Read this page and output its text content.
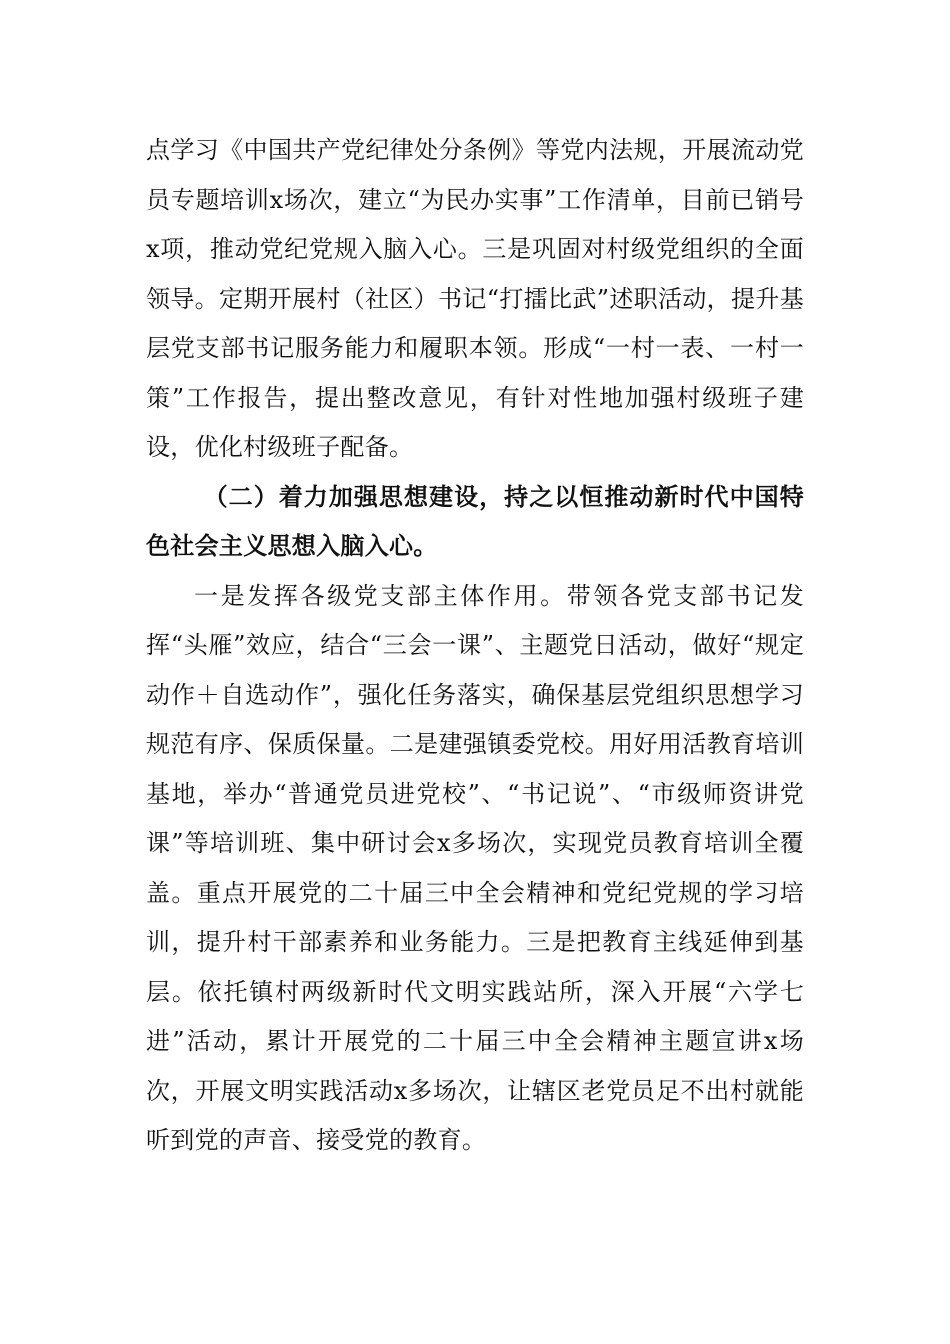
点学习《中国共产党纪律处分条例》等党内法规，开展流动党员专题培训x场次，建立“为民办实事”工作清单，目前已销号x项，推动党纪党规入脑入心。三是巩固对村级党组织的全面领导。定期开展村（社区）书记“打擂比武”述职活动，提升基层党支部书记服务能力和履职本领。形成“一村一表、一村一策”工作报告，提出整改意见，有针对性地加强村级班子建设，优化村级班子配备。

（二）着力加强思想建设，持之以恒推动新时代中国特色社会主义思想入脑入心。

一是发挥各级党支部主体作用。带领各党支部书记发挥“头雁”效应，结合“三会一课”、主题党日活动，做好“规定动作＋自选动作”，强化任务落实，确保基层党组织思想学习规范有序、保质保量。二是建强镇委党校。用好用活教育培训基地，举办“普通党员进党校”、“书记说”、“市级师资讲党课”等培训班、集中研讨会x多场次，实现党员教育培训全覆盖。重点开展党的二十届三中全会精神和党纪党规的学习培训，提升村干部素养和业务能力。三是把教育主线延伸到基层。依托镇村两级新时代文明实践站所，深入开展“六学七进”活动，累计开展党的二十届三中全会精神主题宣讲x场次，开展文明实践活动x多场次，让辖区老党员足不出村就能听到党的声音、接受党的教育。
